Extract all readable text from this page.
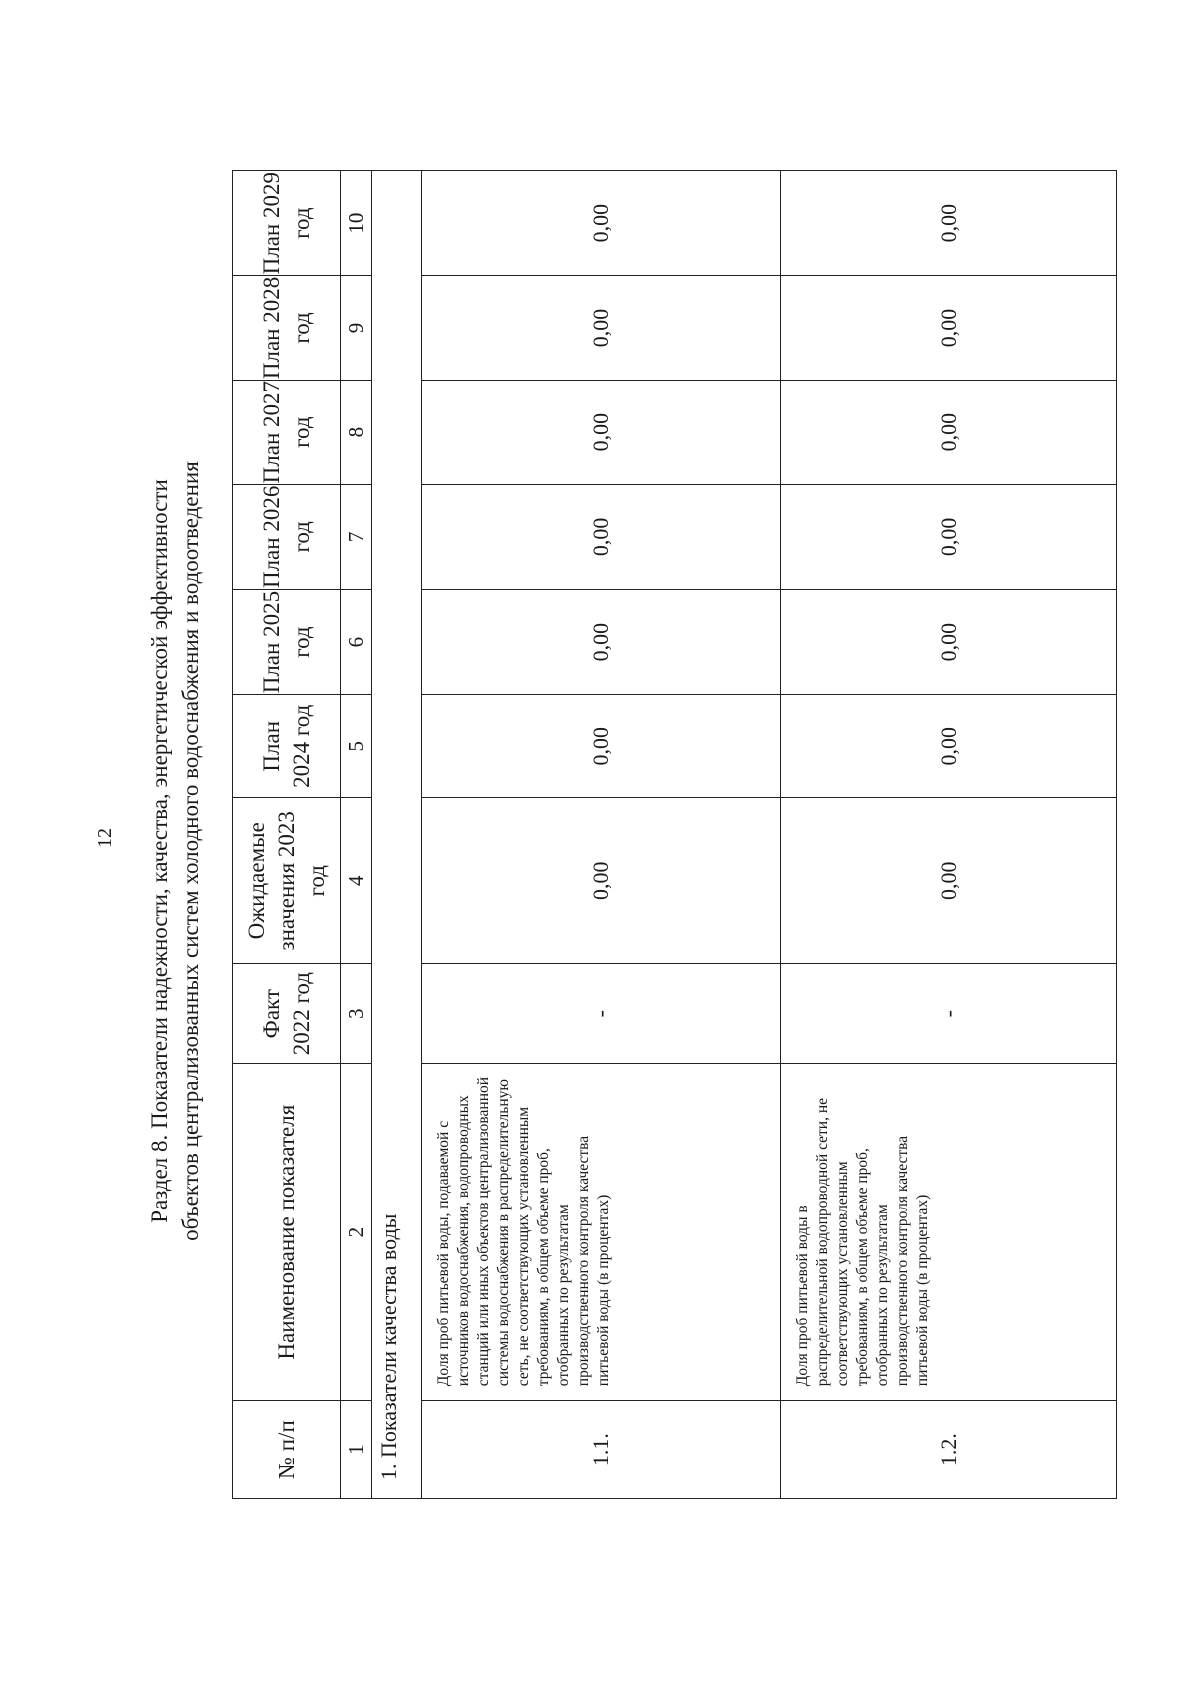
12	Раздел 8. Показатели надежности, качества, энергетической эффективности объектов централизованных систем холодного водоснабжения и водоотведения
№ п/п	Наименование показателя	Факт 2022 год	Ожидаемые значения 2023 год	План 2024 год	План 2025 год	План 2026 год	План 2027 год	План 2028 год	План 2029 год
1	2	3	4	5	6	7	8	9	10
1. Показатели качества воды									
1.1.	Доля проб питьевой воды, подаваемой с источников водоснабжения, водопроводных станций или иных объектов централизованной системы водоснабжения в распределительную сеть, не соответствующих установленным требованиям, в общем объеме проб, отобранных по результатам производственного контроля качества питьевой воды (в процентах)	-	0,00	0,00	0,00	0,00	0,00	0,00	0,00
1.2.	Доля проб питьевой воды в распределительной водопроводной сети, не соответствующих установленным требованиям, в общем объеме проб, отобранных по результатам производственного контроля качества питьевой воды (в процентах)	-	0,00	0,00	0,00	0,00	0,00	0,00	0,00
